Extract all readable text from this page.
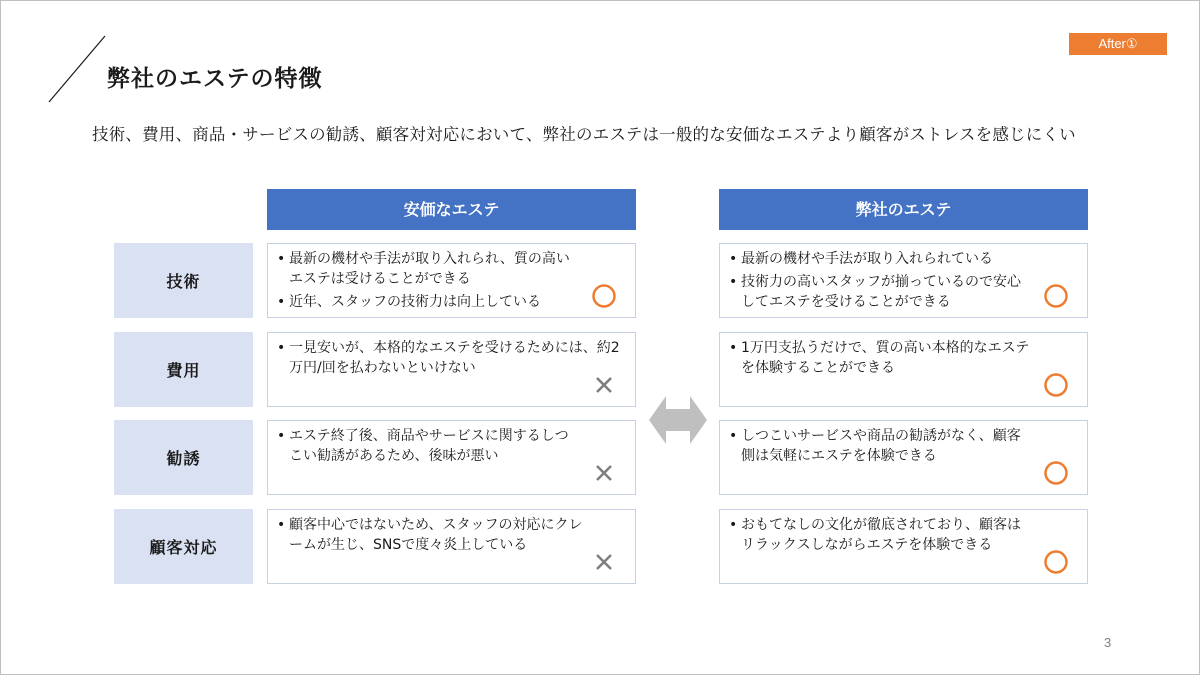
弊社のエステの特徴
After①
技術、費用、商品・サービスの勧誘、顧客対対応において、弊社のエステは一般的な安価なエステより顧客がストレスを感じにくい
安価なエステ	弊社のエステ
技術
費用
勧誘
顧客対応
• 最新の機材や手法が取り入れられ、質の高いエステは受けることができる
• 近年、スタッフの技術力は向上している
• 一見安いが、本格的なエステを受けるためには、約2万円/回を払わないといけない
• エステ終了後、商品やサービスに関するしつこい勧誘があるため、後味が悪い
• 顧客中心ではないため、スタッフの対応にクレームが生じ、SNSで度々炎上している
• 最新の機材や手法が取り入れられている
• 技術力の高いスタッフが揃っているので安心してエステを受けることができる
• 1万円支払うだけで、質の高い本格的なエステを体験することができる
• しつこいサービスや商品の勧誘がなく、顧客側は気軽にエステを体験できる
• おもてなしの文化が徹底されており、顧客はリラックスしながらエステを体験できる
3
